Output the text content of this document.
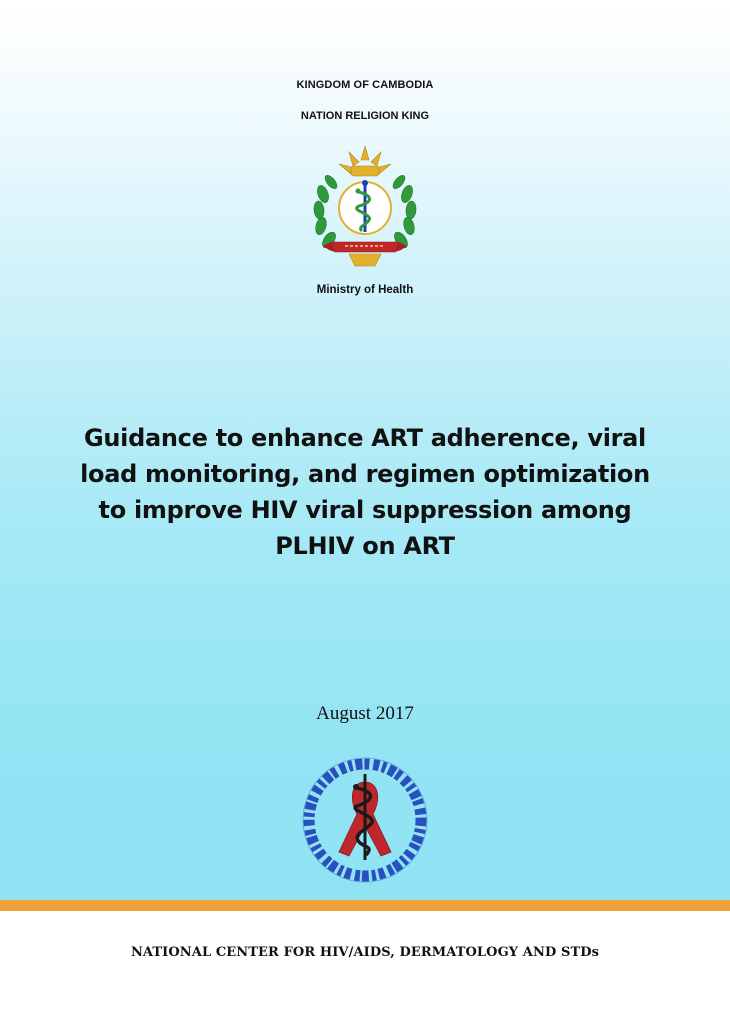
KINGDOM OF CAMBODIA
NATION RELIGION KING
Ministry of Health
Guidance to enhance ART adherence, viral
load monitoring, and regimen optimization
to improve HIV viral suppression among
PLHIV on ART
August 2017
NATIONAL CENTER FOR HIV/AIDS, DERMATOLOGY AND STDs
